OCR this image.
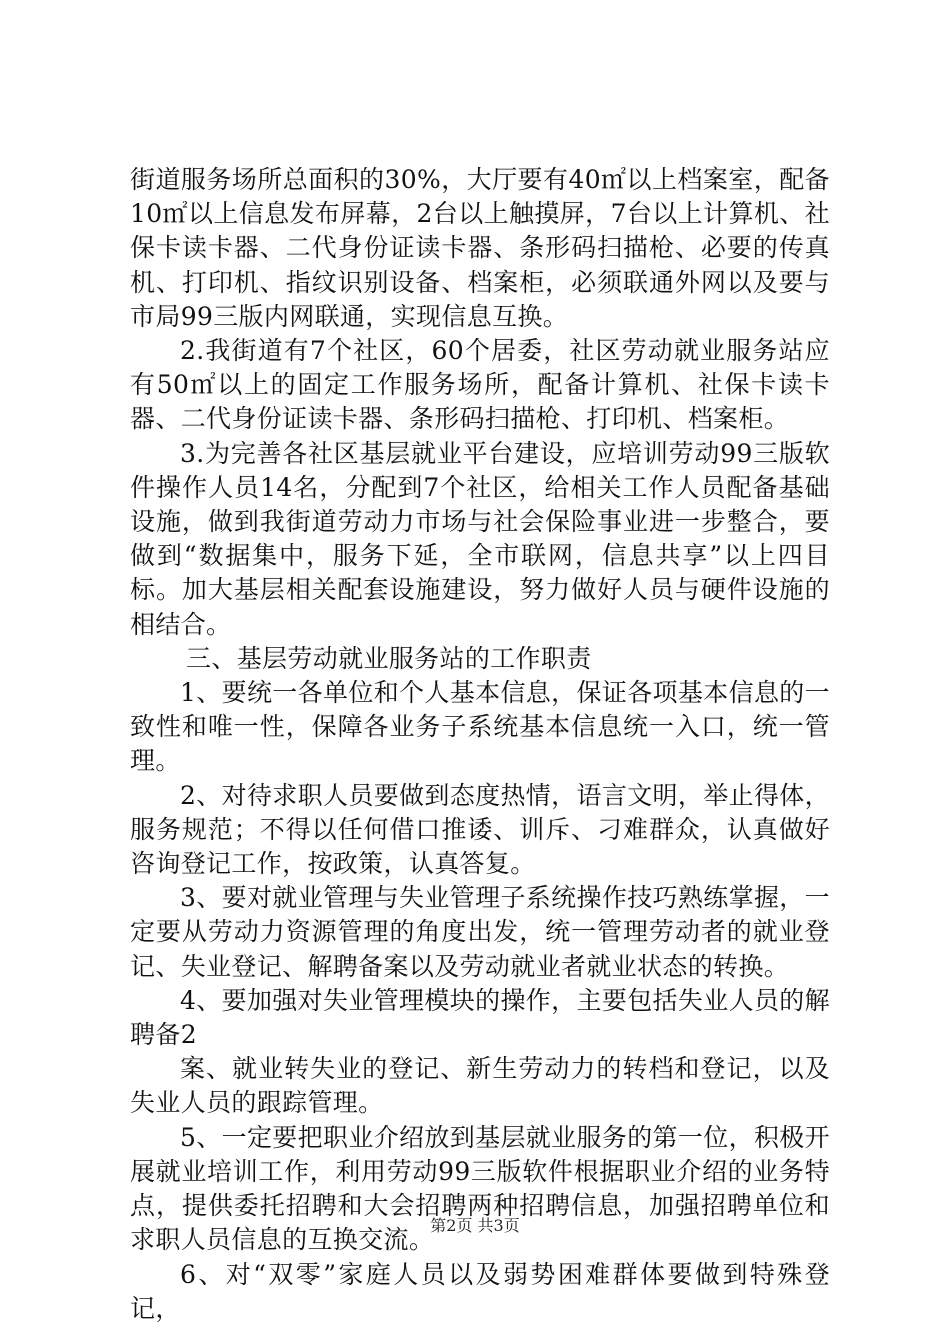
街道服务场所总面积的30%，大厅要有40㎡以上档案室，配备10㎡以上信息发布屏幕，2台以上触摸屏，7台以上计算机、社保卡读卡器、二代身份证读卡器、条形码扫描枪、必要的传真机、打印机、指纹识别设备、档案柜，必须联通外网以及要与市局99三版内网联通，实现信息互换。

2.我街道有7个社区，60个居委，社区劳动就业服务站应有50㎡以上的固定工作服务场所，配备计算机、社保卡读卡器、二代身份证读卡器、条形码扫描枪、打印机、档案柜。

3.为完善各社区基层就业平台建设，应培训劳动99三版软件操作人员14名，分配到7个社区，给相关工作人员配备基础设施，做到我街道劳动力市场与社会保险事业进一步整合，要做到“数据集中，服务下延，全市联网，信息共享”以上四目标。加大基层相关配套设施建设，努力做好人员与硬件设施的相结合。

三、基层劳动就业服务站的工作职责

1、要统一各单位和个人基本信息，保证各项基本信息的一致性和唯一性，保障各业务子系统基本信息统一入口，统一管理。

2、对待求职人员要做到态度热情，语言文明，举止得体，服务规范；不得以任何借口推诿、训斥、刁难群众，认真做好咨询登记工作，按政策，认真答复。

3、要对就业管理与失业管理子系统操作技巧熟练掌握，一定要从劳动力资源管理的角度出发，统一管理劳动者的就业登记、失业登记、解聘备案以及劳动就业者就业状态的转换。

4、要加强对失业管理模块的操作，主要包括失业人员的解聘备2

案、就业转失业的登记、新生劳动力的转档和登记，以及失业人员的跟踪管理。

5、一定要把职业介绍放到基层就业服务的第一位，积极开展就业培训工作，利用劳动99三版软件根据职业介绍的业务特点，提供委托招聘和大会招聘两种招聘信息，加强招聘单位和求职人员信息的互换交流。

6、对“双零”家庭人员以及弱势困难群体要做到特殊登记，

第2页 共3页
